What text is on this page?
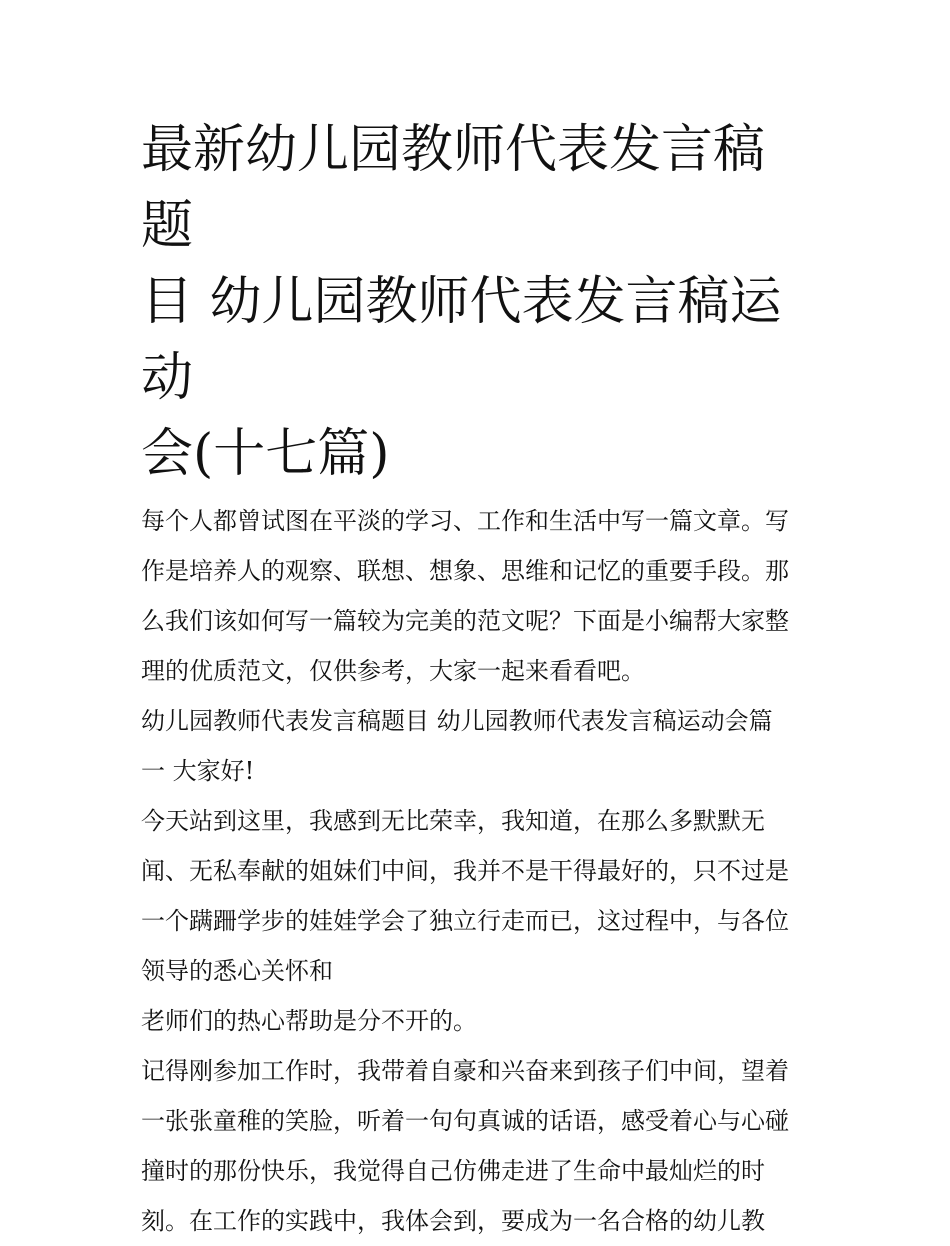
最新幼儿园教师代表发言稿题
目 幼儿园教师代表发言稿运动
会(十七篇)

每个人都曾试图在平淡的学习、工作和生活中写一篇文章。写

作是培养人的观察、联想、想象、思维和记忆的重要手段。那

么我们该如何写一篇较为完美的范文呢？下面是小编帮大家整

理的优质范文，仅供参考，大家一起来看看吧。

幼儿园教师代表发言稿题目 幼儿园教师代表发言稿运动会篇

一 大家好!

今天站到这里，我感到无比荣幸，我知道，在那么多默默无

闻、无私奉献的姐妹们中间，我并不是干得最好的，只不过是

一个蹒跚学步的娃娃学会了独立行走而已，这过程中，与各位

领导的悉心关怀和

老师们的热心帮助是分不开的。

记得刚参加工作时，我带着自豪和兴奋来到孩子们中间，望着

一张张童稚的笑脸，听着一句句真诚的话语，感受着心与心碰

撞时的那份快乐，我觉得自己仿佛走进了生命中最灿烂的时

刻。在工作的实践中，我体会到，要成为一名合格的幼儿教
